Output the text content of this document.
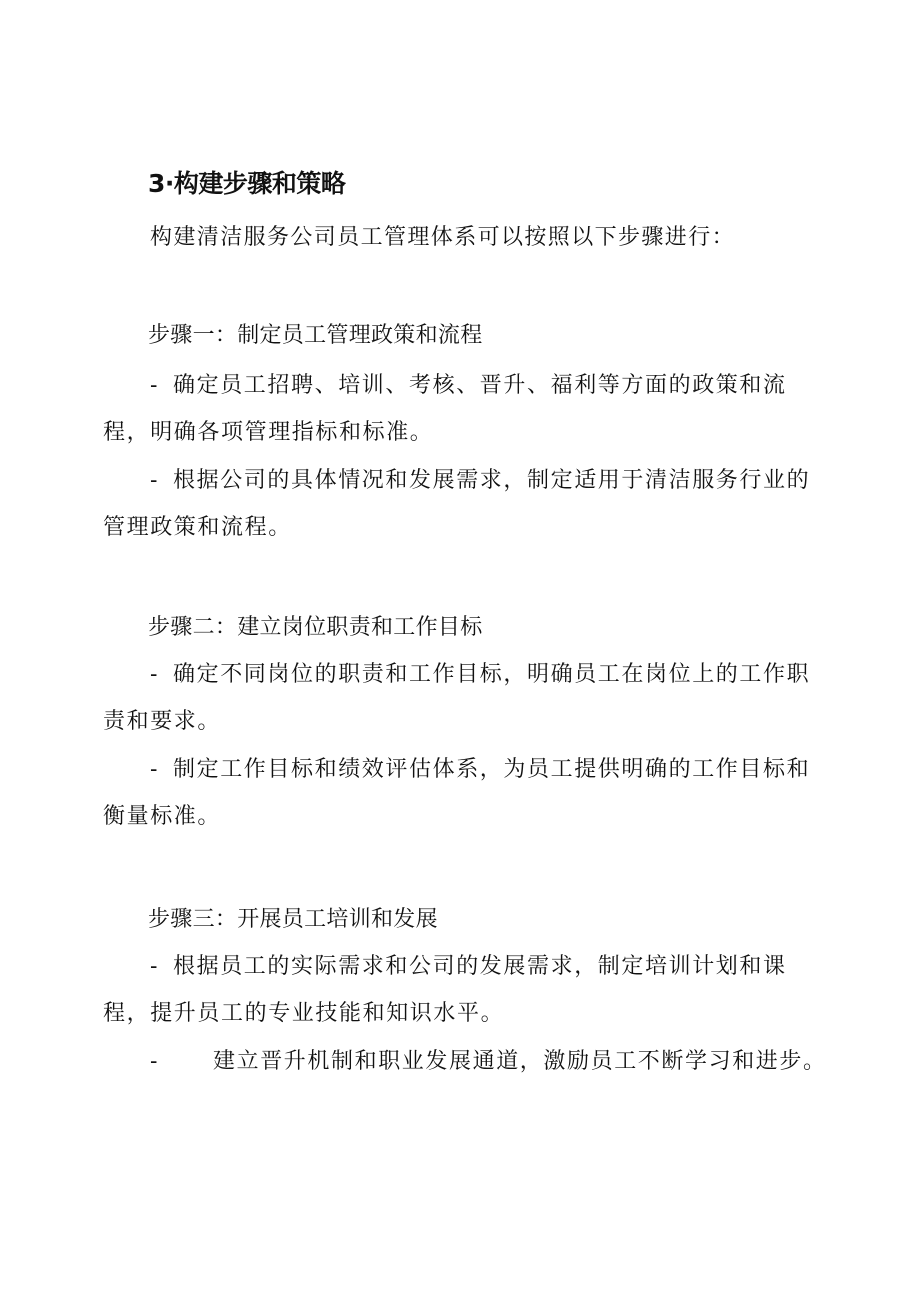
3·构建步骤和策略
构建清洁服务公司员工管理体系可以按照以下步骤进行：
步骤一：制定员工管理政策和流程
- 确定员工招聘、培训、考核、晋升、福利等方面的政策和流
程，明确各项管理指标和标准。
- 根据公司的具体情况和发展需求，制定适用于清洁服务行业的
管理政策和流程。
步骤二：建立岗位职责和工作目标
- 确定不同岗位的职责和工作目标，明确员工在岗位上的工作职
责和要求。
- 制定工作目标和绩效评估体系，为员工提供明确的工作目标和
衡量标准。
步骤三：开展员工培训和发展
- 根据员工的实际需求和公司的发展需求，制定培训计划和课
程，提升员工的专业技能和知识水平。
- 建立晋升机制和职业发展通道，激励员工不断学习和进步。
